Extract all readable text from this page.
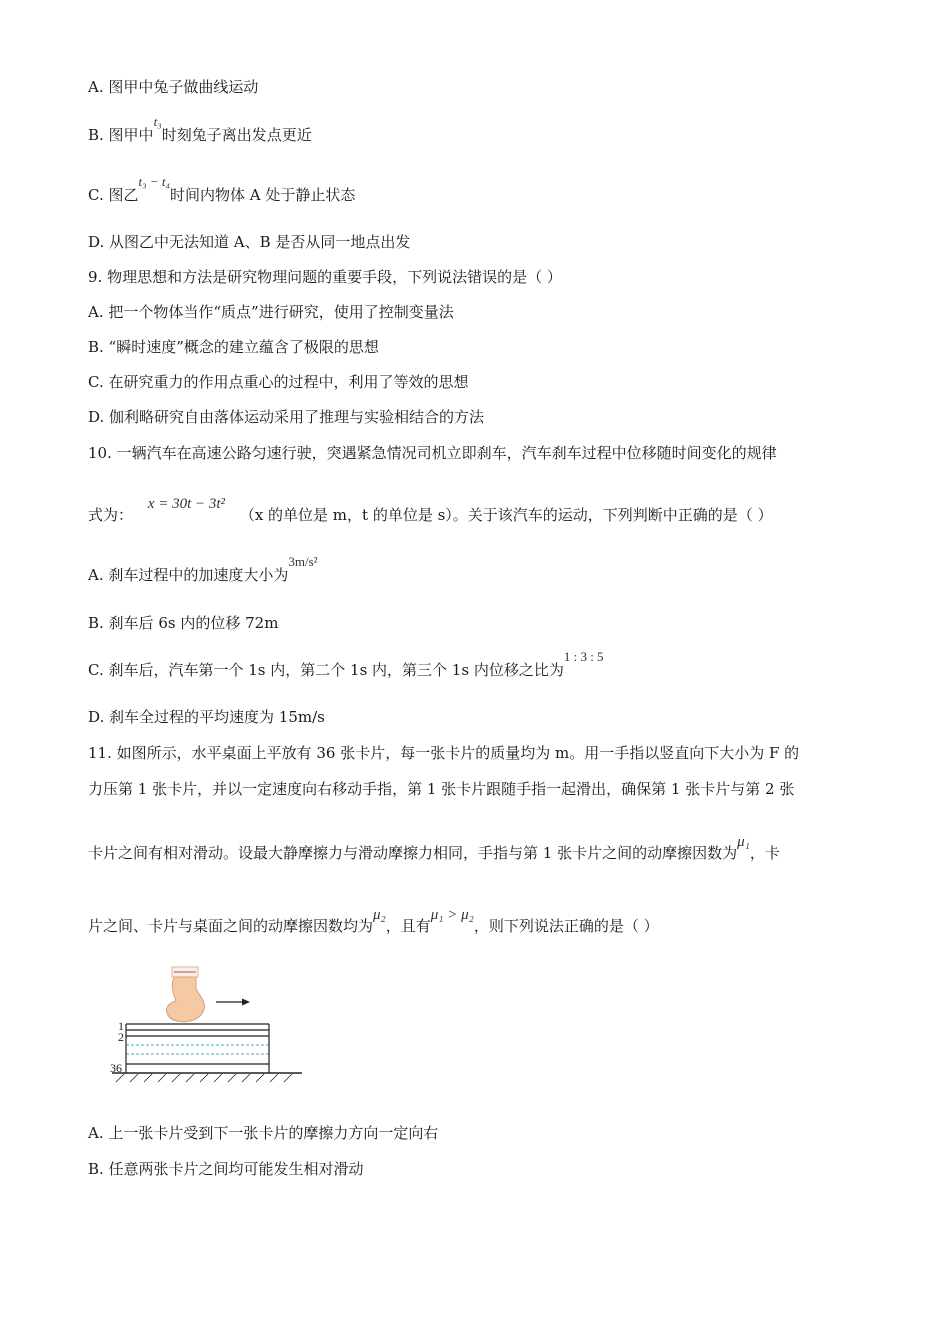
A. 图甲中兔子做曲线运动
B. 图甲中t₃时刻兔子离出发点更近
C. 图乙t₃ − t₄时间内物体 A 处于静止状态
D. 从图乙中无法知道 A、B 是否从同一地点出发
9. 物理思想和方法是研究物理问题的重要手段，下列说法错误的是（ ）
A. 把一个物体当作“质点”进行研究，使用了控制变量法
B. “瞬时速度”概念的建立蕴含了极限的思想
C. 在研究重力的作用点重心的过程中，利用了等效的思想
D. 伽利略研究自由落体运动采用了推理与实验相结合的方法
10. 一辆汽车在高速公路匀速行驶，突遇紧急情况司机立即刹车，汽车刹车过程中位移随时间变化的规律
式为： x = 30t − 3t² （x 的单位是 m，t 的单位是 s）。关于该汽车的运动，下列判断中正确的是（ ）
A. 刹车过程中的加速度大小为3m/s²
B. 刹车后 6s 内的位移 72m
C. 刹车后，汽车第一个 1s 内，第二个 1s 内，第三个 1s 内位移之比为1 : 3 : 5
D. 刹车全过程的平均速度为 15m/s
11. 如图所示，水平桌面上平放有 36 张卡片，每一张卡片的质量均为 m。用一手指以竖直向下大小为 F 的
力压第 1 张卡片，并以一定速度向右移动手指，第 1 张卡片跟随手指一起滑出，确保第 1 张卡片与第 2 张
卡片之间有相对滑动。设最大静摩擦力与滑动摩擦力相同，手指与第 1 张卡片之间的动摩擦因数为μ₁，卡
片之间、卡片与桌面之间的动摩擦因数均为μ₂，且有μ₁ > μ₂，则下列说法正确的是（ ）
1
2
36
A. 上一张卡片受到下一张卡片的摩擦力方向一定向右
B. 任意两张卡片之间均可能发生相对滑动
